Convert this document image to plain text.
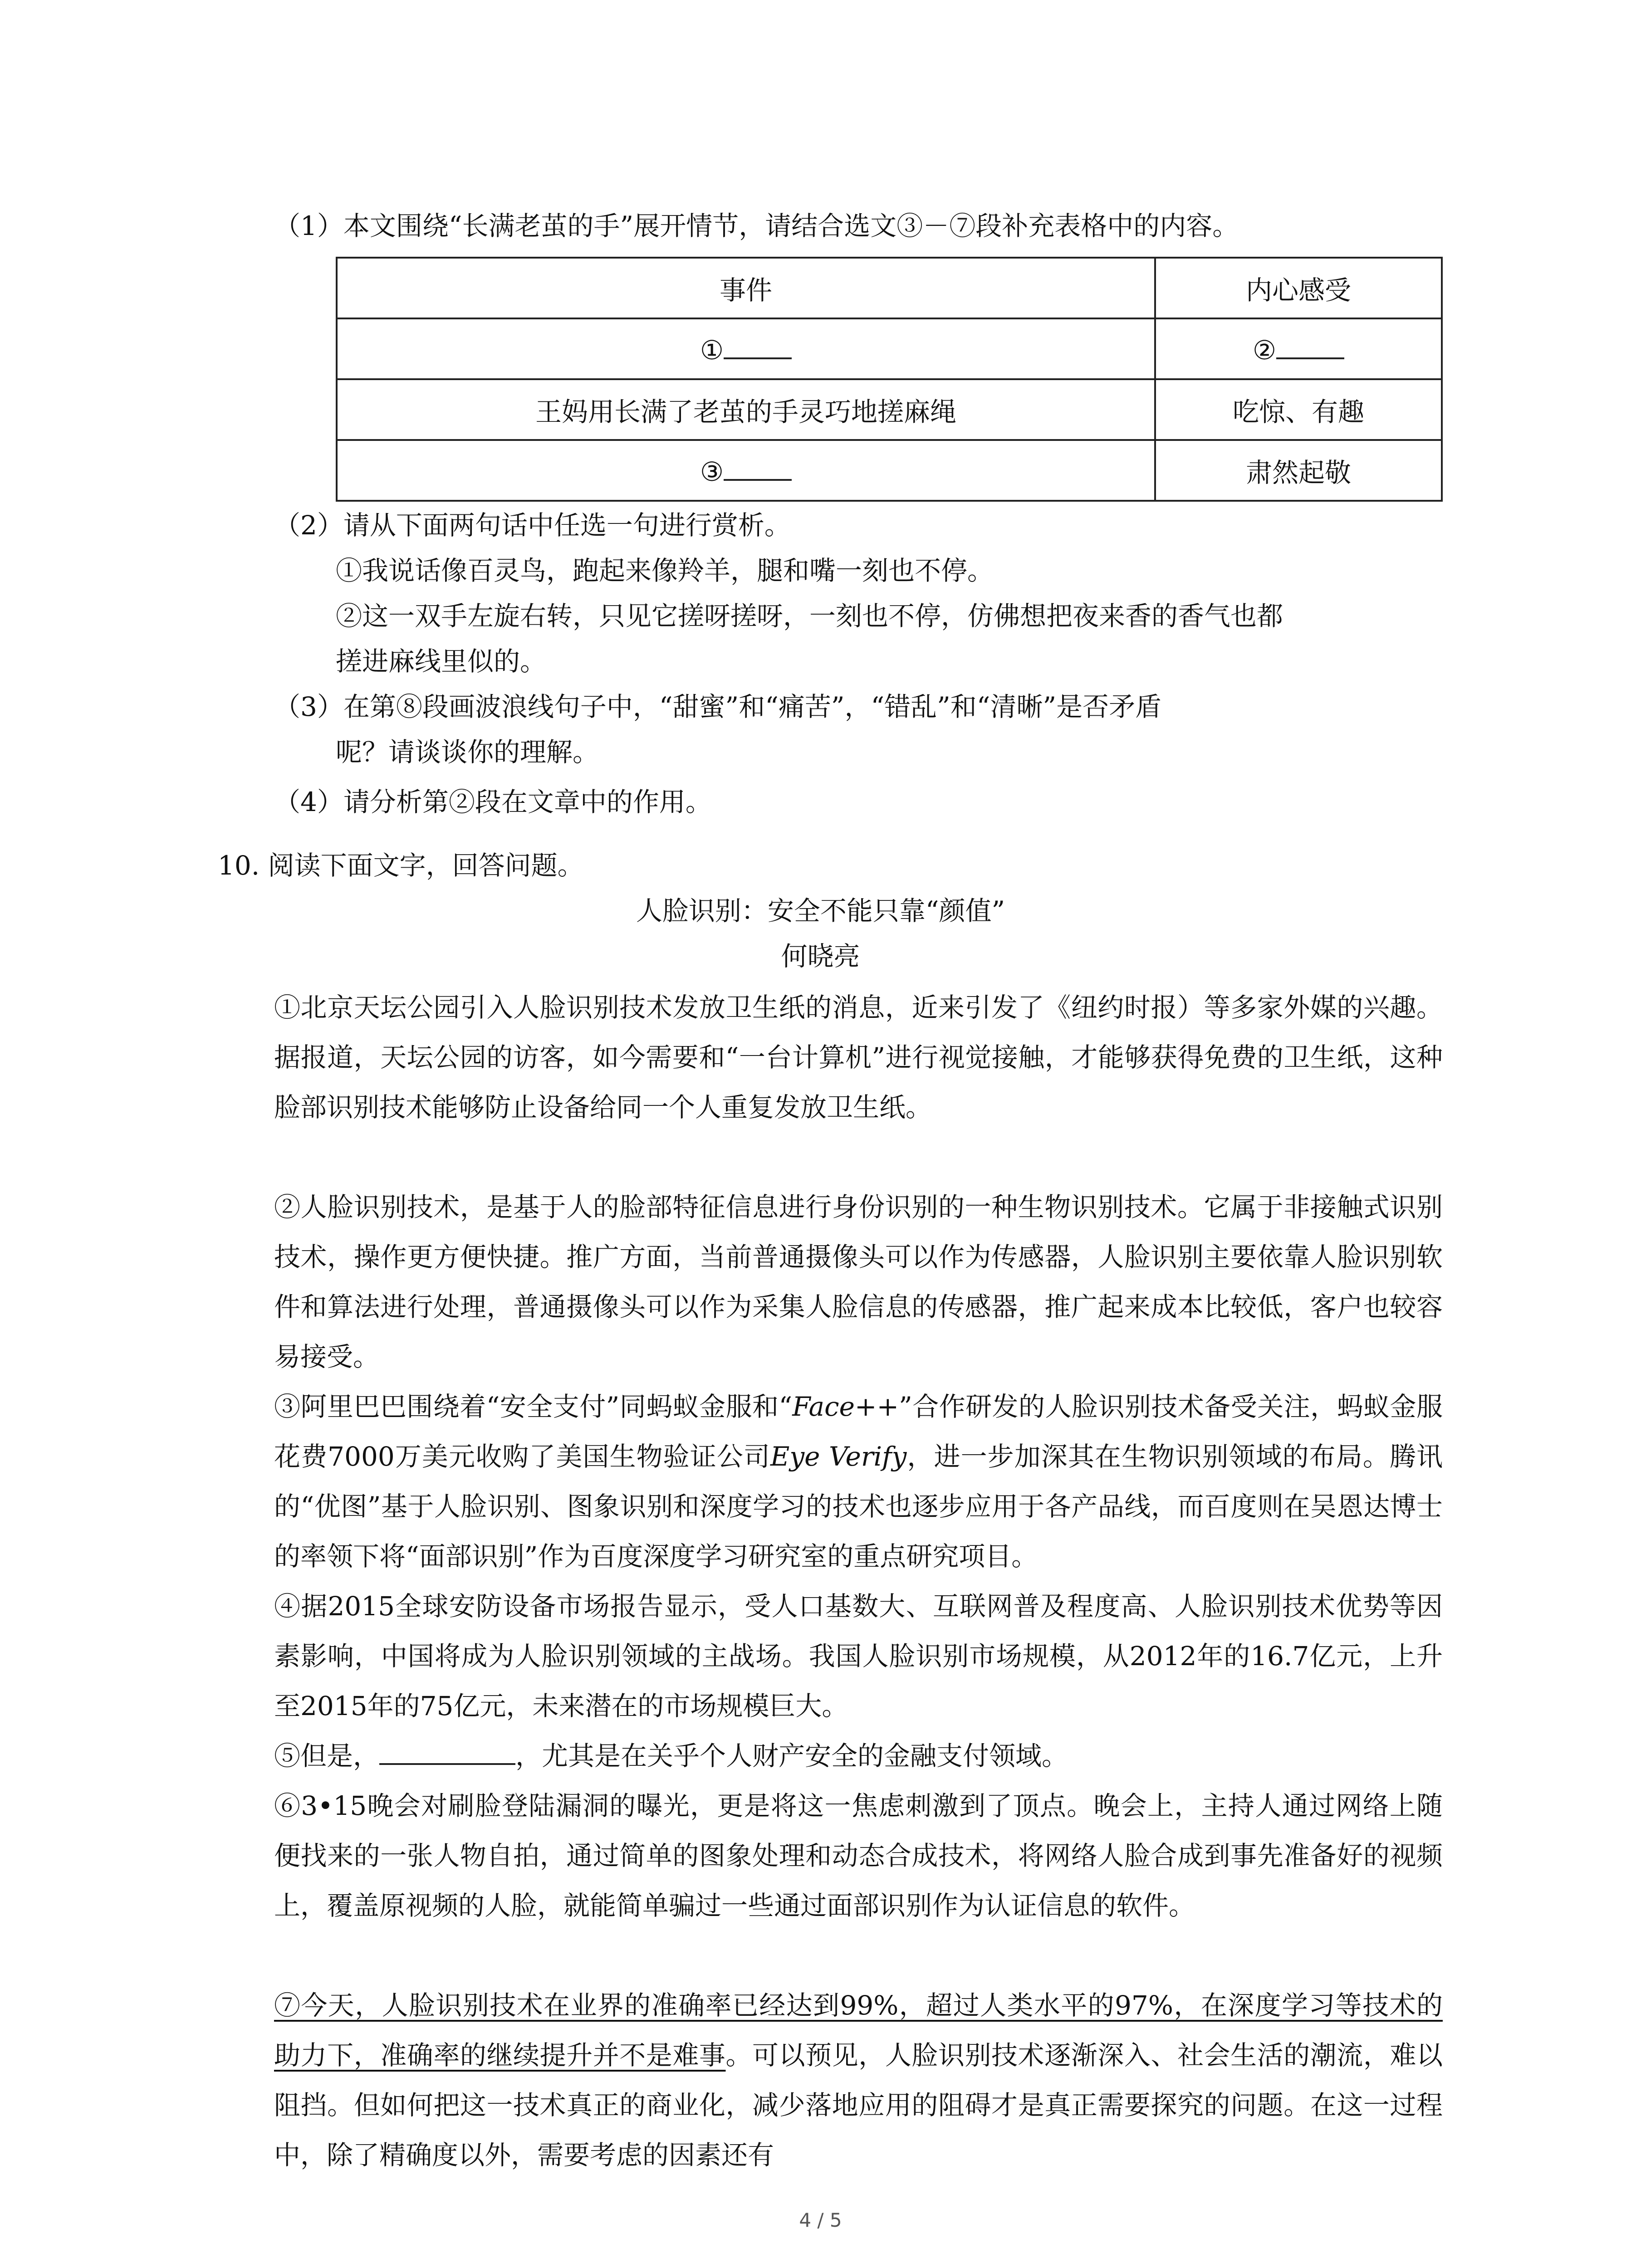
（1）本文围绕“长满老茧的手”展开情节，请结合选文③－⑦段补充表格中的内容。

事件	内心感受
①	②
王妈用长满了老茧的手灵巧地搓麻绳	吃惊、有趣
③	肃然起敬

（2）请从下面两句话中任选一句进行赏析。

①我说话像百灵鸟，跑起来像羚羊，腿和嘴一刻也不停。

②这一双手左旋右转，只见它搓呀搓呀，一刻也不停，仿佛想把夜来香的香气也都

搓进麻线里似的。

（3）在第⑧段画波浪线句子中，“甜蜜”和“痛苦”，“错乱”和“清晰”是否矛盾

呢？请谈谈你的理解。

（4）请分析第②段在文章中的作用。

10. 阅读下面文字，回答问题。

人脸识别：安全不能只靠“颜值”

何晓亮

①北京天坛公园引入人脸识别技术发放卫生纸的消息，近来引发了《纽约时报）等多家外媒的兴趣。据报道，天坛公园的访客，如今需要和“一台计算机”进行视觉接触，才能够获得免费的卫生纸，这种脸部识别技术能够防止设备给同一个人重复发放卫生纸。

②人脸识别技术，是基于人的脸部特征信息进行身份识别的一种生物识别技术。它属于非接触式识别技术，操作更方便快捷。推广方面，当前普通摄像头可以作为传感器，人脸识别主要依靠人脸识别软件和算法进行处理，普通摄像头可以作为采集人脸信息的传感器，推广起来成本比较低，客户也较容易接受。

③阿里巴巴围绕着“安全支付”同蚂蚁金服和“Face++”合作研发的人脸识别技术备受关注，蚂蚁金服花费7000万美元收购了美国生物验证公司Eye Verify，进一步加深其在生物识别领域的布局。腾讯的“优图”基于人脸识别、图象识别和深度学习的技术也逐步应用于各产品线，而百度则在吴恩达博士的率领下将“面部识别”作为百度深度学习研究室的重点研究项目。

④据2015全球安防设备市场报告显示，受人口基数大、互联网普及程度高、人脸识别技术优势等因素影响，中国将成为人脸识别领域的主战场。我国人脸识别市场规模，从2012年的16.7亿元，上升至2015年的75亿元，未来潜在的市场规模巨大。

⑤但是，	，尤其是在关乎个人财产安全的金融支付领域。

⑥3•15晚会对刷脸登陆漏洞的曝光，更是将这一焦虑刺激到了顶点。晚会上，主持人通过网络上随便找来的一张人物自拍，通过简单的图象处理和动态合成技术，将网络人脸合成到事先准备好的视频上，覆盖原视频的人脸，就能简单骗过一些通过面部识别作为认证信息的软件。

⑦今天，人脸识别技术在业界的准确率已经达到99%，超过人类水平的97%，在深度学习等技术的助力下，准确率的继续提升并不是难事。可以预见，人脸识别技术逐渐深入、社会生活的潮流，难以阻挡。但如何把这一技术真正的商业化，减少落地应用的阻碍才是真正需要探究的问题。在这一过程中，除了精确度以外，需要考虑的因素还有

4 / 5
